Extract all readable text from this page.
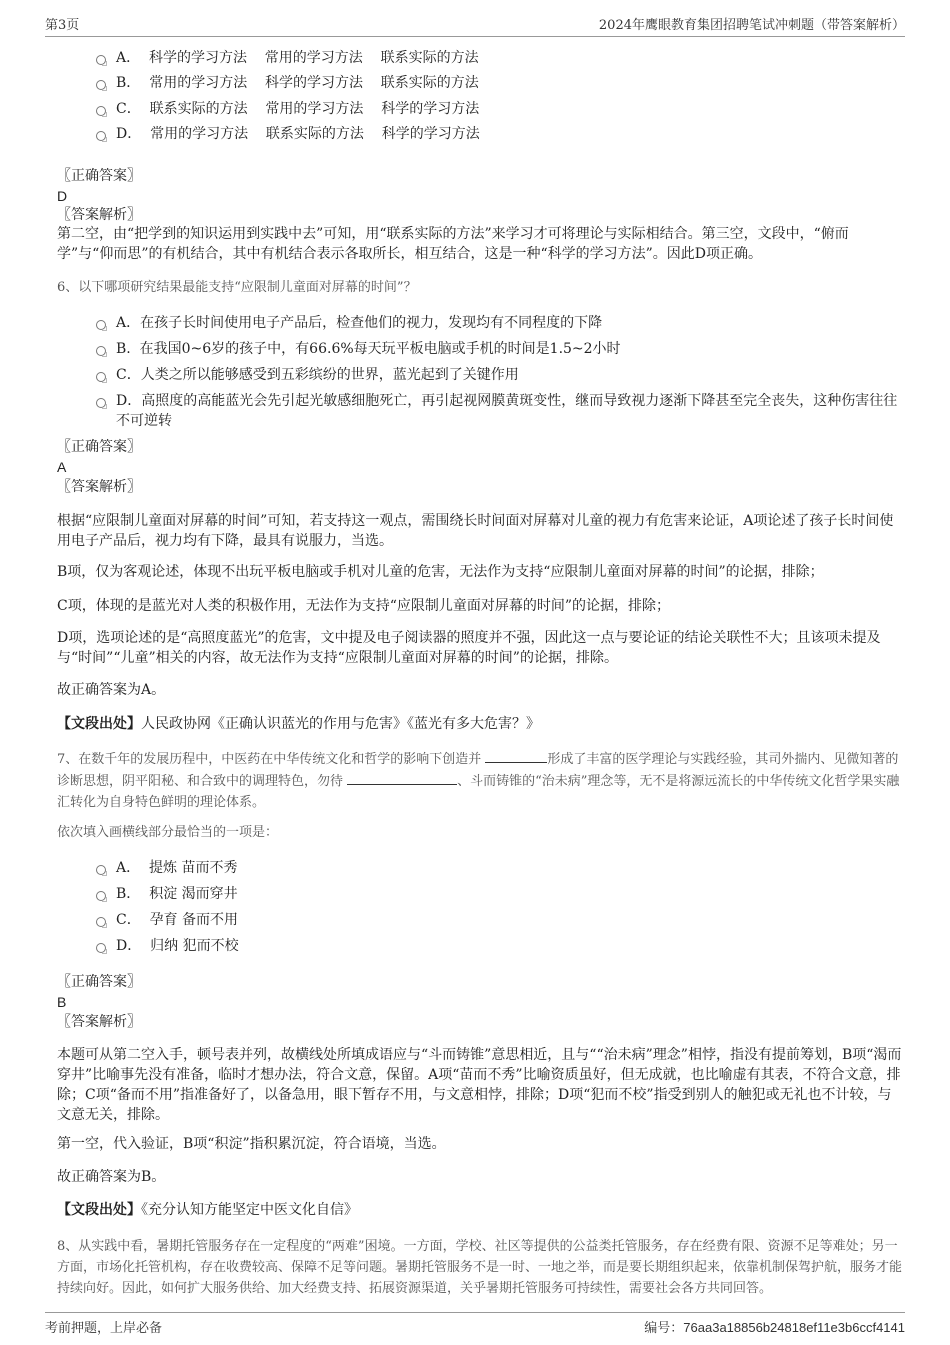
第3页	2024年鹰眼教育集团招聘笔试冲刺题（带答案解析）
A．  科学的学习方法    常用的学习方法    联系实际的方法
B．  常用的学习方法    科学的学习方法    联系实际的方法
C．  联系实际的方法    常用的学习方法    科学的学习方法
D．  常用的学习方法    联系实际的方法    科学的学习方法
〖正确答案〗
D
〖答案解析〗
第二空，由“把学到的知识运用到实践中去”可知，用“联系实际的方法”来学习才可将理论与实际相结合。第三空，文段中，“俯而学”与“仰而思”的有机结合，其中有机结合表示各取所长，相互结合，这是一种“科学的学习方法”。因此D项正确。
6、以下哪项研究结果最能支持“应限制儿童面对屏幕的时间”？
A．在孩子长时间使用电子产品后，检查他们的视力，发现均有不同程度的下降
B.  在我国0~6岁的孩子中，有66.6%每天玩平板电脑或手机的时间是1.5~2小时
C．人类之所以能够感受到五彩缤纷的世界，蓝光起到了关键作用
D．高照度的高能蓝光会先引起光敏感细胞死亡，再引起视网膜黄斑变性，继而导致视力逐渐下降甚至完全丧失，这种伤害往往不可逆转
〖正确答案〗
A
〖答案解析〗
根据“应限制儿童面对屏幕的时间”可知，若支持这一观点，需围绕长时间面对屏幕对儿童的视力有危害来论证，A项论述了孩子长时间使用电子产品后，视力均有下降，最具有说服力，当选。
B项，仅为客观论述，体现不出玩平板电脑或手机对儿童的危害，无法作为支持“应限制儿童面对屏幕的时间”的论据，排除；
C项，体现的是蓝光对人类的积极作用，无法作为支持“应限制儿童面对屏幕的时间”的论据，排除；
D项，选项论述的是“高照度蓝光”的危害，文中提及电子阅读器的照度并不强，因此这一点与要论证的结论关联性不大；且该项未提及与“时间”“儿童”相关的内容，故无法作为支持“应限制儿童面对屏幕的时间”的论据，排除。
故正确答案为A。
【文段出处】人民政协网《正确认识蓝光的作用与危害》《蓝光有多大危害？》
7、在数千年的发展历程中，中医药在中华传统文化和哲学的影响下创造并	形成了丰富的医学理论与实践经验，其司外揣内、见微知著的诊断思想，阴平阳秘、和合致中的调理特色，勿待	、斗而铸锥的“治未病”理念等，无不是将源远流长的中华传统文化哲学果实融汇转化为自身特色鲜明的理论体系。
依次填入画横线部分最恰当的一项是：
A．  提炼 苗而不秀
B．  积淀 渴而穿井
C．  孕育 备而不用
D．  归纳 犯而不校
〖正确答案〗
B
〖答案解析〗
本题可从第二空入手，顿号表并列，故横线处所填成语应与“斗而铸锥”意思相近，且与““治未病”理念”相悖，指没有提前筹划，B项“渴而穿井”比喻事先没有准备，临时才想办法，符合文意，保留。A项“苗而不秀”比喻资质虽好，但无成就，也比喻虚有其表，不符合文意，排除；C项“备而不用”指准备好了，以备急用，眼下暂存不用，与文意相悖，排除；D项“犯而不校”指受到别人的触犯或无礼也不计较，与文意无关，排除。
第一空，代入验证，B项“积淀”指积累沉淀，符合语境，当选。
故正确答案为B。
【文段出处】《充分认知方能坚定中医文化自信》
8、从实践中看，暑期托管服务存在一定程度的“两难”困境。一方面，学校、社区等提供的公益类托管服务，存在经费有限、资源不足等难处；另一方面，市场化托管机构，存在收费较高、保障不足等问题。暑期托管服务不是一时、一地之举，而是要长期组织起来，依靠机制保驾护航，服务才能持续向好。因此，如何扩大服务供给、加大经费支持、拓展资源渠道，关乎暑期托管服务可持续性，需要社会各方共同回答。
考前押题，上岸必备	编号：76aa3a18856b24818ef11e3b6ccf4141
